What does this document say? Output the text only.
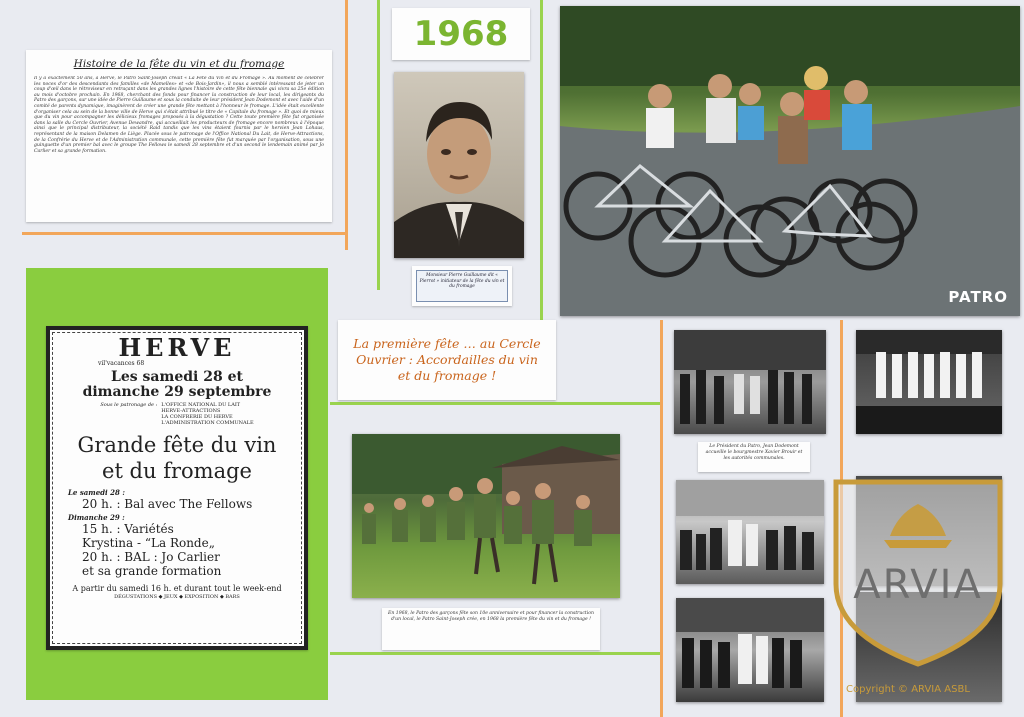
Histoire de la fête du vin et du fromage
Il y a exactement 50 ans, à Herve, le Patro Saint-Joseph créait « La Fête du Vin et du Fromage ». Au moment de célébrer les noces d'or des descendants des familles «de Mamelles» et «de Bois-Jardin», il nous a semblé intéressant de jeter un coup d'œil dans le rétroviseur en retraçant dans les grandes lignes l'histoire de cette fête biennale qui vivra sa 25e édition au mois d'octobre prochain. En 1968, cherchant des fonds pour financer la construction de leur local, les dirigeants du Patro des garçons, sur une idée de Pierre Guillaume et sous la conduite de leur président Jean Dodemont et avec l'aide d'un comité de parents dynamique, imaginèrent de créer une grande fête mettant à l'honneur le fromage. L'idée était excellente d'organiser cela au sein de la bonne ville de Herve qui s'était attribué le titre de « Capitale du fromage ». Et quoi de mieux que du vin pour accompagner les délicieux fromages proposés à la dégustation ? Cette toute première fête fut organisée dans la salle du Cercle Ouvrier, Avenue Dewandre, qui accueillait les producteurs de fromage encore nombreux à l'époque ainsi que le principal distributeur, la société Raid tandis que les vins étaient fournis par le hervien Jean Lohaus, représentant de la maison Delamen de Liège. Placée sous le patronage de l'Office National Du Lait, de Herve-Attractions, de la Confrérie du Herve et de l'Administration communale, cette première fête fut marquée par l'organisation, sous une guinguette d'un premier bal avec le groupe The Fellows le samedi 28 septembre et d'un second le lendemain animé par Jo Carlier et sa grande formation.
1968
Monsieur Pierre Guillaume dit « Pierrot » initiateur de la fête du vin et du fromage
PATRO
HERVE
vil'vacances 68
Les samedi 28 et dimanche 29 septembre
Sous le patronage de : L'OFFICE NATIONAL DU LAIT
HERVE-ATTRACTIONS
LA CONFRERIE DU HERVE
L'ADMINISTRATION COMMUNALE
Grande fête du vin et du fromage
Le samedi 28 :
20 h. : Bal avec The Fellows
Dimanche 29 :
15 h. : Variétés
Krystina - “La Ronde„
20 h. : BAL : Jo Carlier
et sa grande formation
A partir du samedi 16 h. et durant tout le week-end
DÉGUSTATIONS ◆ JEUX ◆ EXPOSITION ◆ BARS
La première fête … au Cercle Ouvrier : Accordailles du vin et du fromage !
En 1968, le Patro des garçons fête son 10e anniversaire et pour financer la construction d'un local, le Patro Saint-Joseph crée, en 1968 la première fête du vin et du fromage !
Le Président du Patro, Jean Dodemont accueille le bourgmestre Xavier Brouir et les autorités communales.
ARVIA
Copyright © ARVIA ASBL
